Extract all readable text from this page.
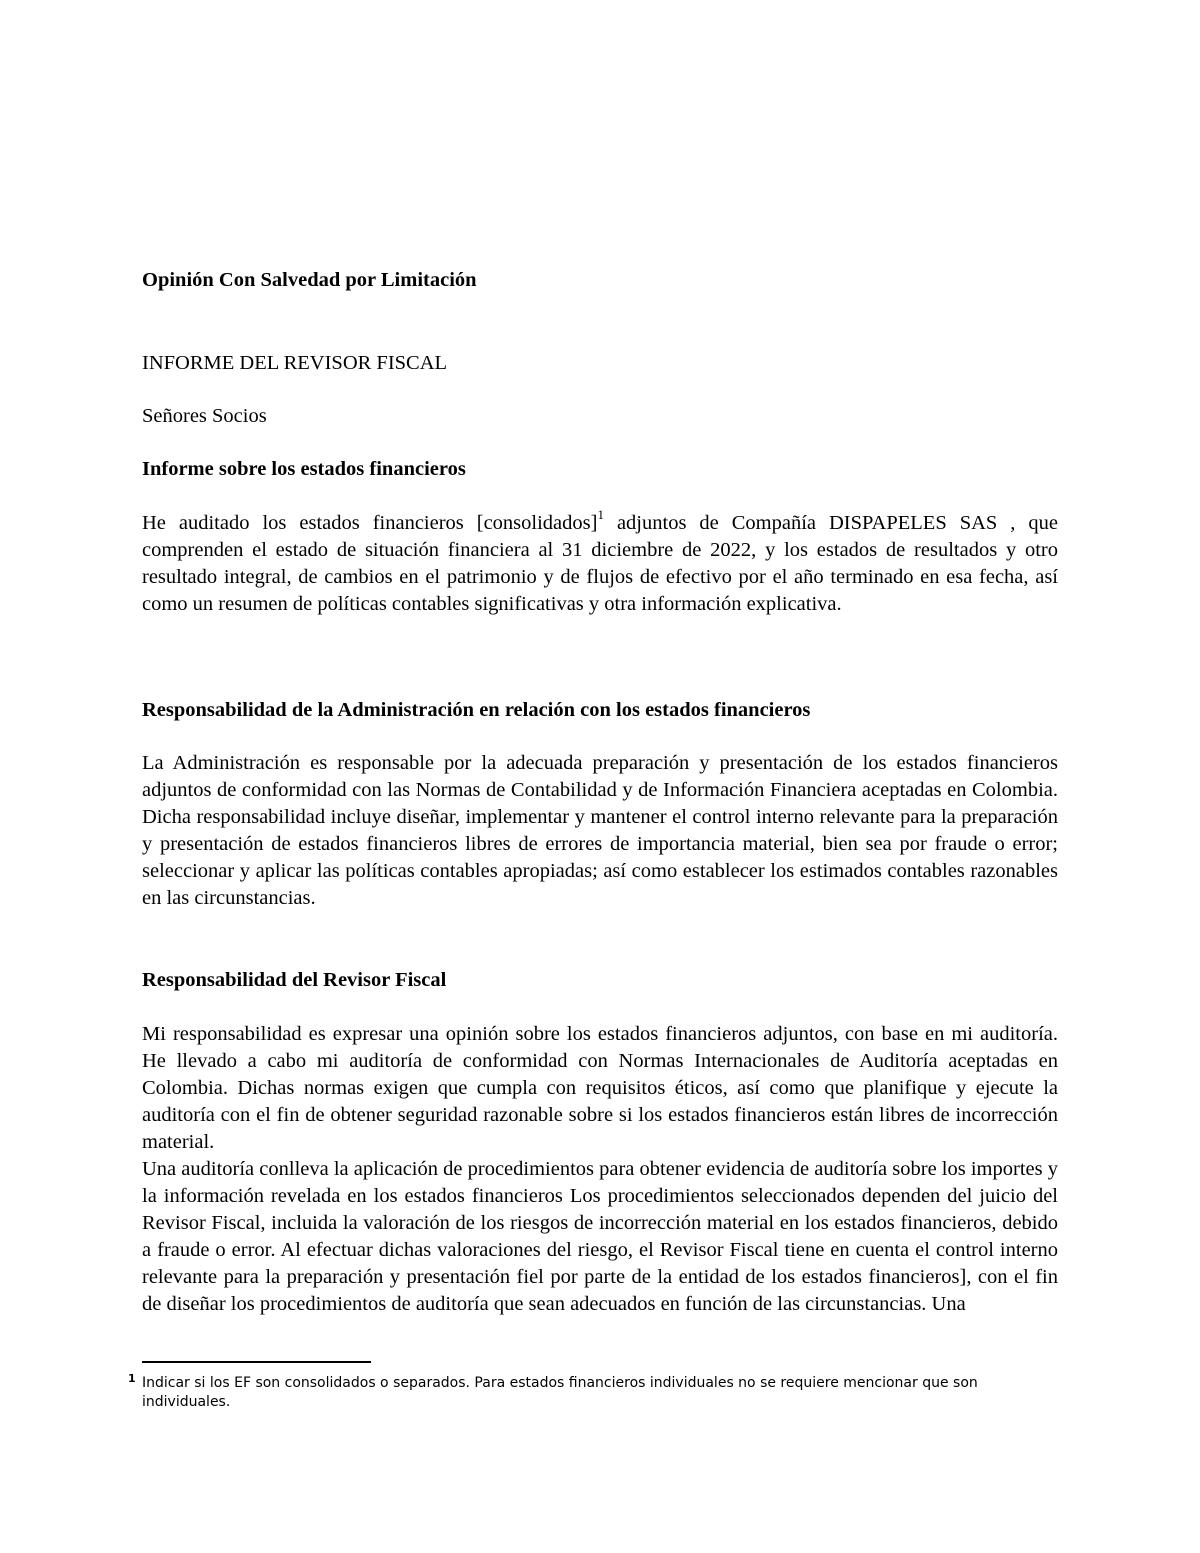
Opinión Con Salvedad por Limitación

INFORME DEL REVISOR FISCAL

Señores Socios

Informe sobre los estados financieros

He auditado los estados financieros [consolidados]$^1$ adjuntos de Compañía DISPAPELES SAS , que comprenden el estado de situación financiera al 31 diciembre de 2022, y los estados de resultados y otro resultado integral, de cambios en el patrimonio y de flujos de efectivo por el año terminado en esa fecha, así como un resumen de políticas contables significativas y otra información explicativa.

Responsabilidad de la Administración en relación con los estados financieros

La Administración es responsable por la adecuada preparación y presentación de los estados financieros adjuntos de conformidad con las Normas de Contabilidad y de Información Financiera aceptadas en Colombia. Dicha responsabilidad incluye diseñar, implementar y mantener el control interno relevante para la preparación y presentación de estados financieros libres de errores de importancia material, bien sea por fraude o error; seleccionar y aplicar las políticas contables apropiadas; así como establecer los estimados contables razonables en las circunstancias.

Responsabilidad del Revisor Fiscal

Mi responsabilidad es expresar una opinión sobre los estados financieros adjuntos, con base en mi auditoría. He llevado a cabo mi auditoría de conformidad con Normas Internacionales de Auditoría aceptadas en Colombia. Dichas normas exigen que cumpla con requisitos éticos, así como que planifique y ejecute la auditoría con el fin de obtener seguridad razonable sobre si los estados financieros están libres de incorrección material.

Una auditoría conlleva la aplicación de procedimientos para obtener evidencia de auditoría sobre los importes y la información revelada en los estados financieros Los procedimientos seleccionados dependen del juicio del Revisor Fiscal, incluida la valoración de los riesgos de incorrección material en los estados financieros, debido a fraude o error. Al efectuar dichas valoraciones del riesgo, el Revisor Fiscal tiene en cuenta el control interno relevante para la preparación y presentación fiel por parte de la entidad de los estados financieros], con el fin de diseñar los procedimientos de auditoría que sean adecuados en función de las circunstancias. Una

1 Indicar si los EF son consolidados o separados. Para estados financieros individuales no se requiere mencionar que son individuales.
